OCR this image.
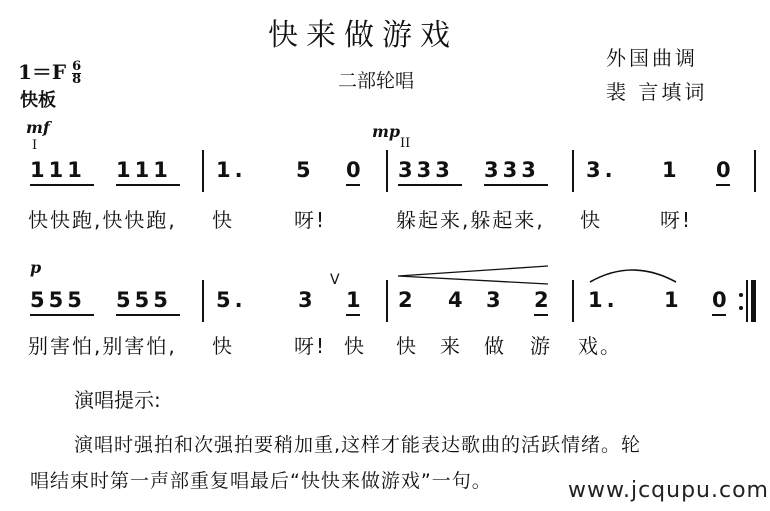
快来做游戏
二部轮唱
外国曲调
裴 言填词
$1=F \frac{6}{8}$
快板
mf
I
mp
II
111 111 1. 5 0 333 333 3. 1 0
快快跑,快快跑, 快	呀!	躲起来,躲起来, 快	呀!
p
V
555 555 5. 3 1 2 4 3 2 1. 1 0
别害怕,别害怕, 快	呀! 快 快 来 做 游 戏。
演唱提示:
演唱时强拍和次强拍要稍加重,这样才能表达歌曲的活跃情绪。轮
唱结束时第一声部重复唱最后“快快来做游戏”一句。	www.jcqupu.com
